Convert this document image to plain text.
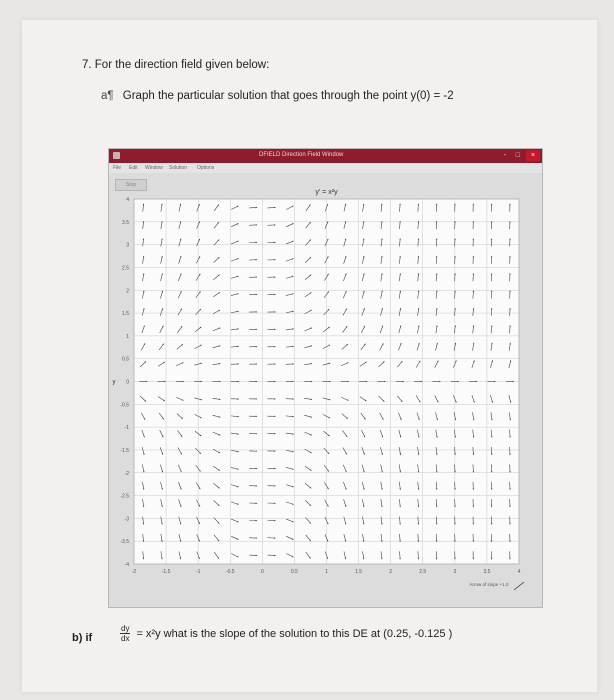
7. For the direction field given below:
a¶ Graph the particular solution that goes through the point y(0) = -2
DFIELD Direction Field Window	- □	×
File Edit Window Solution Options
Stop
-2	-1.5	-1	-0.5	0	0.5	1	1.5	2	2.5	3	3.5	4
4
3.5
3
2.5
2
1.5
1
0.5
0
-0.5
-1
-1.5
-2
-2.5
-3
-3.5
-4
y' = x²y
y
Arrow of slope +1.0
b) if	$\frac{dy}{dx} = x^2y$ what is the slope of the solution to this DE at (0.25, -0.125 )
